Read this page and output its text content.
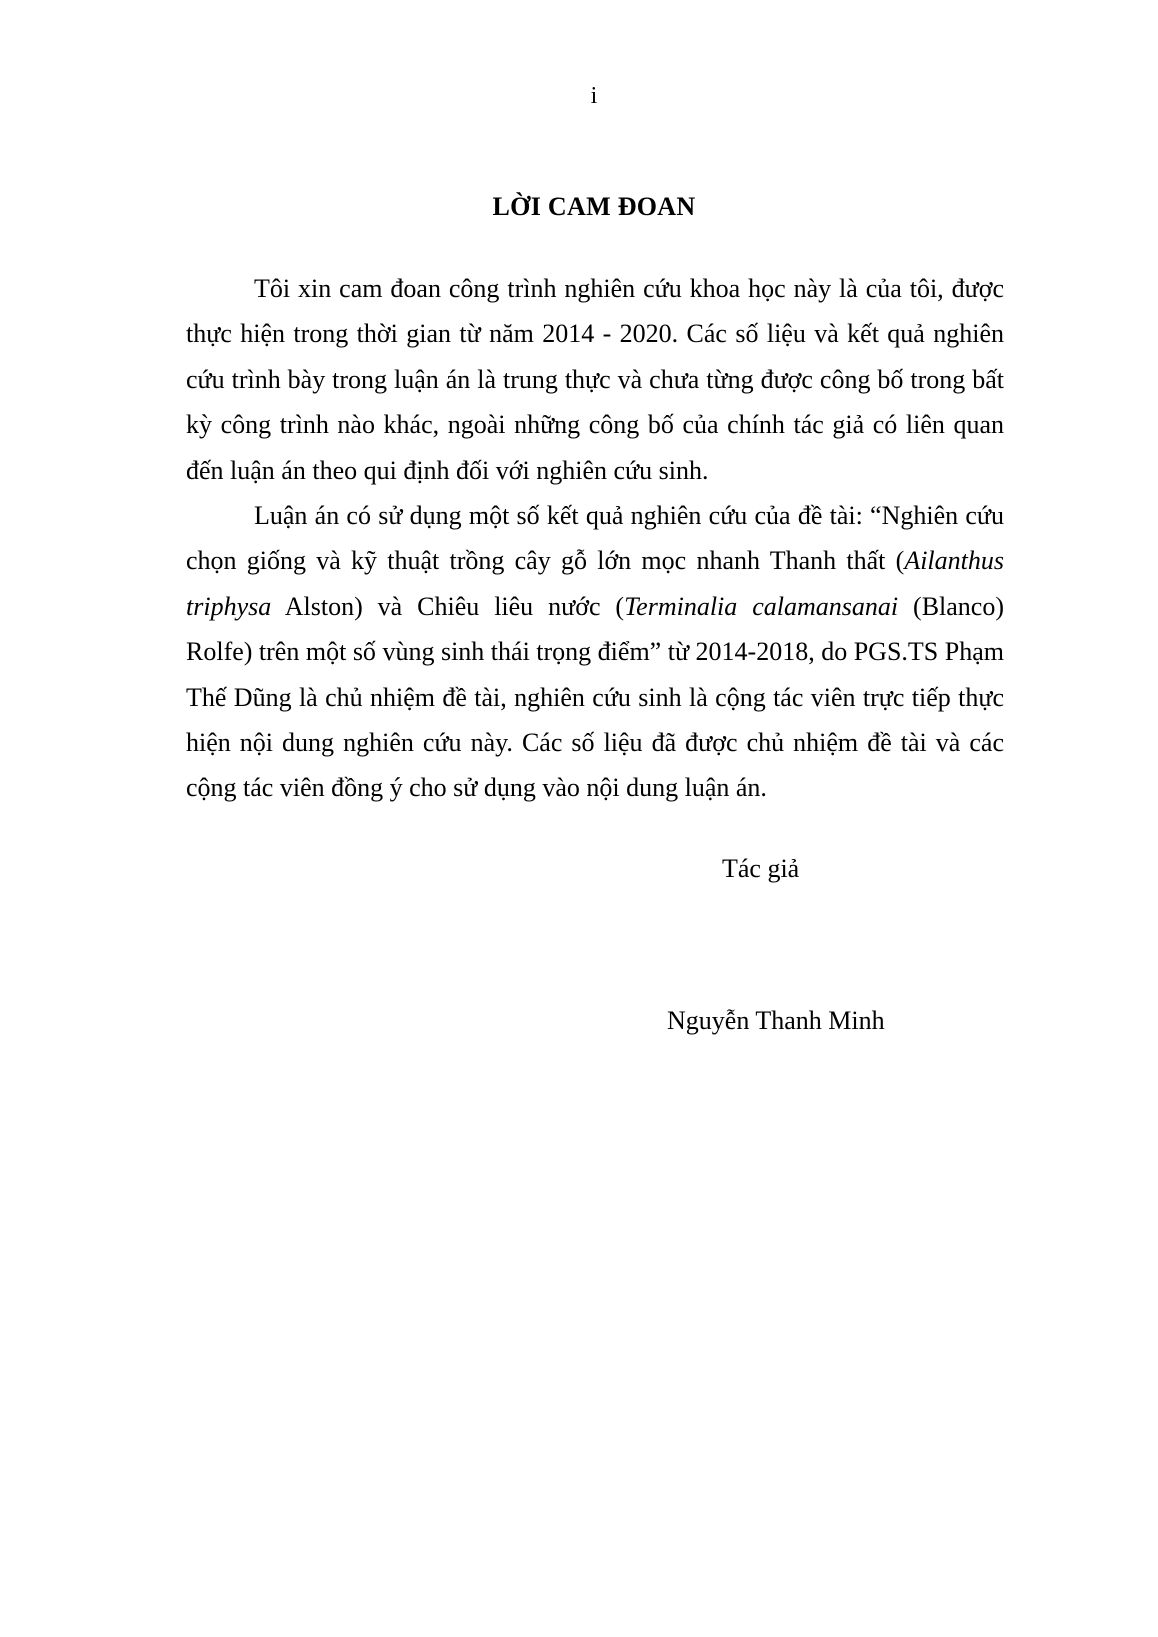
i
LỜI CAM ĐOAN

Tôi xin cam đoan công trình nghiên cứu khoa học này là của tôi, được thực hiện trong thời gian từ năm 2014 - 2020. Các số liệu và kết quả nghiên cứu trình bày trong luận án là trung thực và chưa từng được công bố trong bất kỳ công trình nào khác, ngoài những công bố của chính tác giả có liên quan đến luận án theo qui định đối với nghiên cứu sinh.

Luận án có sử dụng một số kết quả nghiên cứu của đề tài: “Nghiên cứu chọn giống và kỹ thuật trồng cây gỗ lớn mọc nhanh Thanh thất (Ailanthus triphysa Alston) và Chiêu liêu nước (Terminalia calamansanai (Blanco) Rolfe) trên một số vùng sinh thái trọng điểm” từ 2014-2018, do PGS.TS Phạm Thế Dũng là chủ nhiệm đề tài, nghiên cứu sinh là cộng tác viên trực tiếp thực hiện nội dung nghiên cứu này. Các số liệu đã được chủ nhiệm đề tài và các cộng tác viên đồng ý cho sử dụng vào nội dung luận án.

Tác giả
Nguyễn Thanh Minh
